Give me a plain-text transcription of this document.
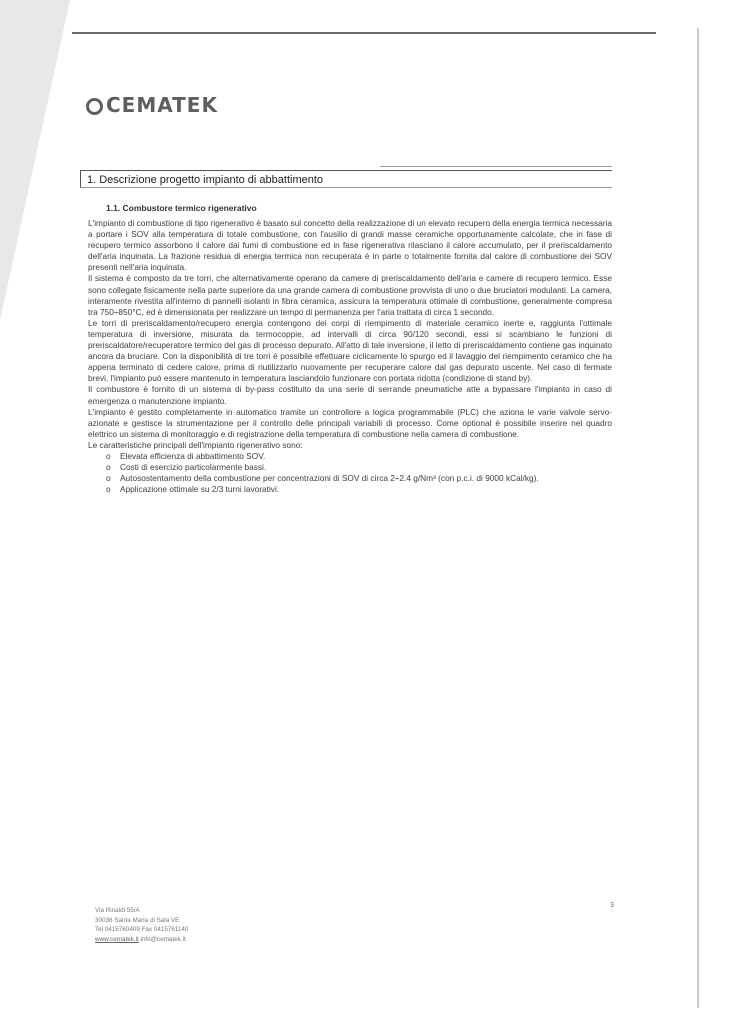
CEMATEK
1. Descrizione progetto impianto di abbattimento
1.1. Combustore termico rigenerativo

L'impianto di combustione di tipo rigenerativo è basato sul concetto della realizzazione di un elevato recupero della energia termica necessaria a portare i SOV alla temperatura di totale combustione, con l'ausilio di grandi masse ceramiche opportunamente calcolate, che in fase di recupero termico assorbono il calore dai fumi di combustione ed in fase rigenerativa rilasciano il calore accumulato, per il preriscaldamento dell'aria inquinata. La frazione residua di energia termica non recuperata è in parte o totalmente fornita dal calore di combustione dei SOV presenti nell'aria inquinata.

Il sistema è composto da tre torri, che alternativamente operano da camere di preriscaldamento dell'aria e camere di recupero termico. Esse sono collegate fisicamente nella parte superiore da una grande camera di combustione provvista di uno o due bruciatori modulanti. La camera, interamente rivestita all'interno di pannelli isolanti in fibra ceramica, assicura la temperatura ottimale di combustione, generalmente compresa tra 750÷850°C, ed è dimensionata per realizzare un tempo di permanenza per l'aria trattata di circa 1 secondo.

Le torri di preriscaldamento/recupero energia contengono dei corpi di riempimento di materiale ceramico inerte e, raggiunta l'ottimale temperatura di inversione, misurata da termocoppie, ad intervalli di circa 90/120 secondi, essi si scambiano le funzioni di preriscaldatore/recuperatore termico del gas di processo depurato. All'atto di tale inversione, il letto di preriscaldamento contiene gas inquinato ancora da bruciare. Con la disponibilità di tre torri è possibile effettuare ciclicamente lo spurgo ed il lavaggio del riempimento ceramico che ha appena terminato di cedere calore, prima di riutilizzarlo nuovamente per recuperare calore dal gas depurato uscente. Nel caso di fermate brevi, l'impianto può essere mantenuto in temperatura lasciandolo funzionare con portata ridotta (condizione di stand by).

Il combustore è fornito di un sistema di by-pass costituito da una serie di serrande pneumatiche atte a bypassare l'impianto in caso di emergenza o manutenzione impianto.

L'impianto è gestito completamente in automatico tramite un controllore a logica programmabile (PLC) che aziona le varie valvole servo-azionate e gestisce la strumentazione per il controllo delle principali variabili di processo. Come optional è possibile inserire nel quadro elettrico un sistema di monitoraggio e di registrazione della temperatura di combustione nella camera di combustione.

Le caratteristiche principali dell'impianto rigenerativo sono:

o Elevata efficienza di abbattimento SOV.
o Costi di esercizio particolarmente bassi.
o Autosostentamento della combustione per concentrazioni di SOV di circa 2÷2.4 g/Nm³ (con p.c.i. di 9000 kCal/kg).
o Applicazione ottimale su 2/3 turni lavorativi.
3
Via Rinaldi 55/A
30036 Santa Maria di Sala VE
Tel 0415760409 Fax 0415761140
www.cematek.it info@cematek.it
